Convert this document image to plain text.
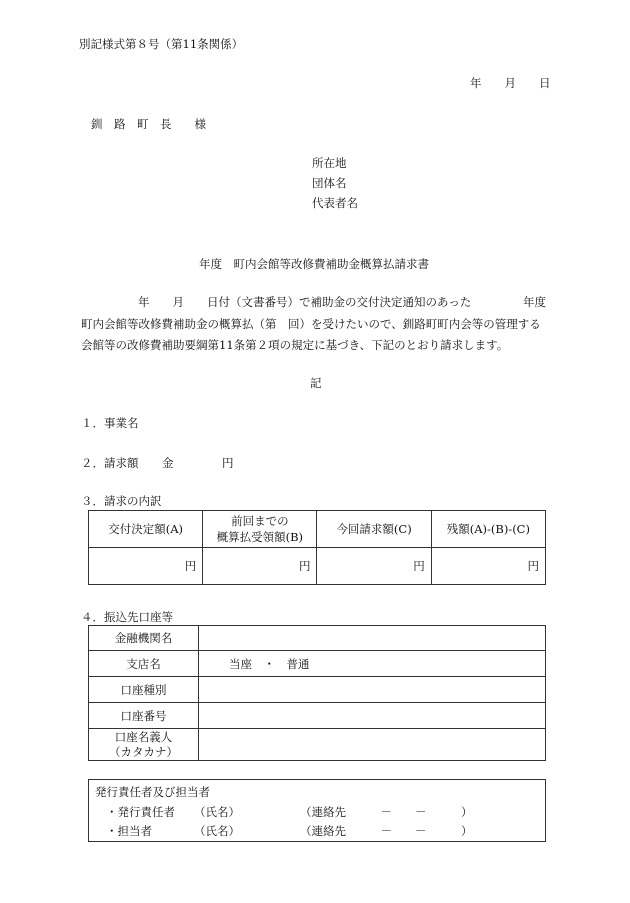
別記様式第８号（第11条関係）
年　　月　　日
釧　路　町　長　　様
所在地
団体名
代表者名
年度　町内会館等改修費補助金概算払請求書
年　　月　　日付（文書番号）で補助金の交付決定通知のあった	年度
町内会館等改修費補助金の概算払（第　回）を受けたいので、釧路町町内会等の管理する
会館等の改修費補助要綱第11条第２項の規定に基づき、下記のとおり請求します。
記
１．事業名
２．請求額 金	円
３．請求の内訳
交付決定額(A)	前回までの
概算払受領額(B)	今回請求額(C)	残額(A)-(B)-(C)
円	円	円	円
４．振込先口座等
金融機関名	
支店名	当座　・　普通
口座種別	
口座番号	

口座名義人
（カタカナ）	

発行責任者及び担当者
・発行責任者 （氏名）	（連絡先　　　－　　－　　　）
・担当者	（氏名）	（連絡先　　　－　　－　　　）
